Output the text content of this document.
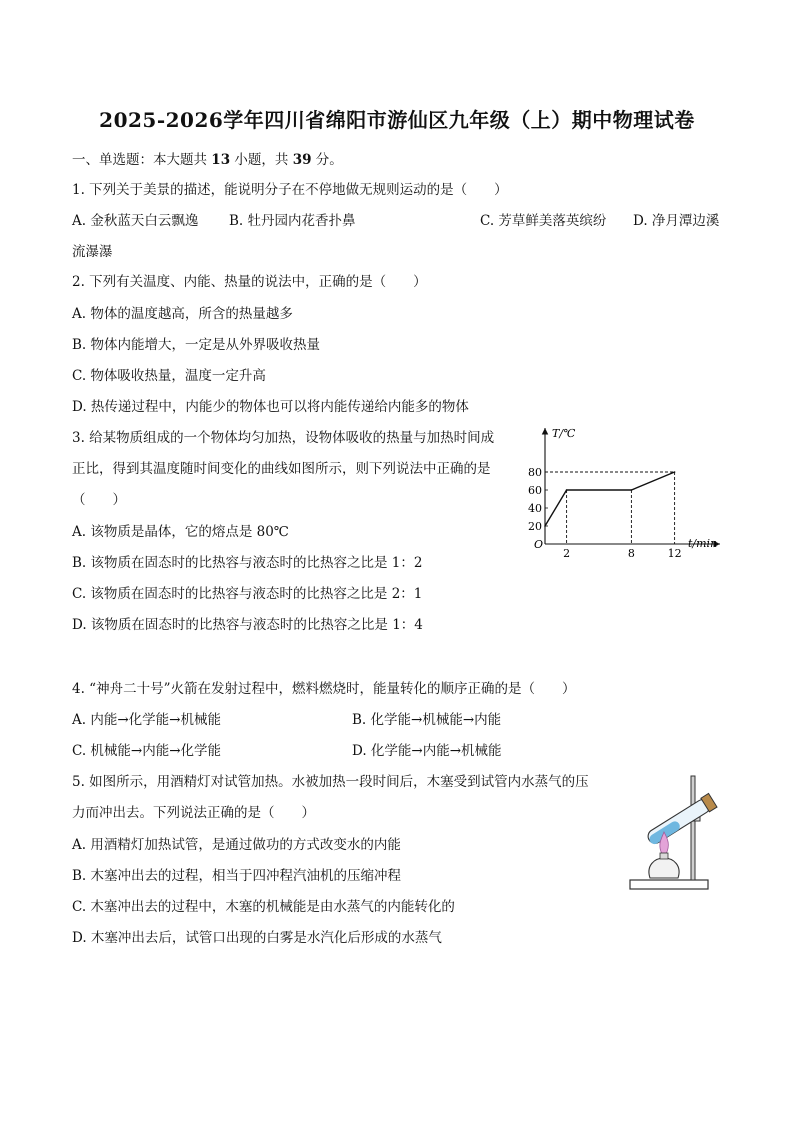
2025-2026学年四川省绵阳市游仙区九年级（上）期中物理试卷
一、单选题：本大题共 13 小题，共 39 分。
1. 下列关于美景的描述，能说明分子在不停地做无规则运动的是（　　）
A. 金秋蓝天白云飘逸 B. 牡丹园内花香扑鼻	C. 芳草鲜美落英缤纷 D. 净月潭边溪
流瀑瀑
2. 下列有关温度、内能、热量的说法中，正确的是（　　）
A. 物体的温度越高，所含的热量越多
B. 物体内能增大，一定是从外界吸收热量
C. 物体吸收热量，温度一定升高
D. 热传递过程中，内能少的物体也可以将内能传递给内能多的物体
3. 给某物质组成的一个物体均匀加热，设物体吸收的热量与加热时间成
正比，得到其温度随时间变化的曲线如图所示，则下列说法中正确的是
（　　）
A. 该物质是晶体，它的熔点是 80℃
B. 该物质在固态时的比热容与液态时的比热容之比是 1：2
C. 该物质在固态时的比热容与液态时的比热容之比是 2：1
D. 该物质在固态时的比热容与液态时的比热容之比是 1：4
T/℃
t/min
O
20
40
60
80
2	8	12
4. “神舟二十号”火箭在发射过程中，燃料燃烧时，能量转化的顺序正确的是（　　）
A. 内能→化学能→机械能	B. 化学能→机械能→内能
C. 机械能→内能→化学能	D. 化学能→内能→机械能
5. 如图所示，用酒精灯对试管加热。水被加热一段时间后，木塞受到试管内水蒸气的压
力而冲出去。下列说法正确的是（　　）
A. 用酒精灯加热试管，是通过做功的方式改变水的内能
B. 木塞冲出去的过程，相当于四冲程汽油机的压缩冲程
C. 木塞冲出去的过程中，木塞的机械能是由水蒸气的内能转化的
D. 木塞冲出去后，试管口出现的白雾是水汽化后形成的水蒸气
